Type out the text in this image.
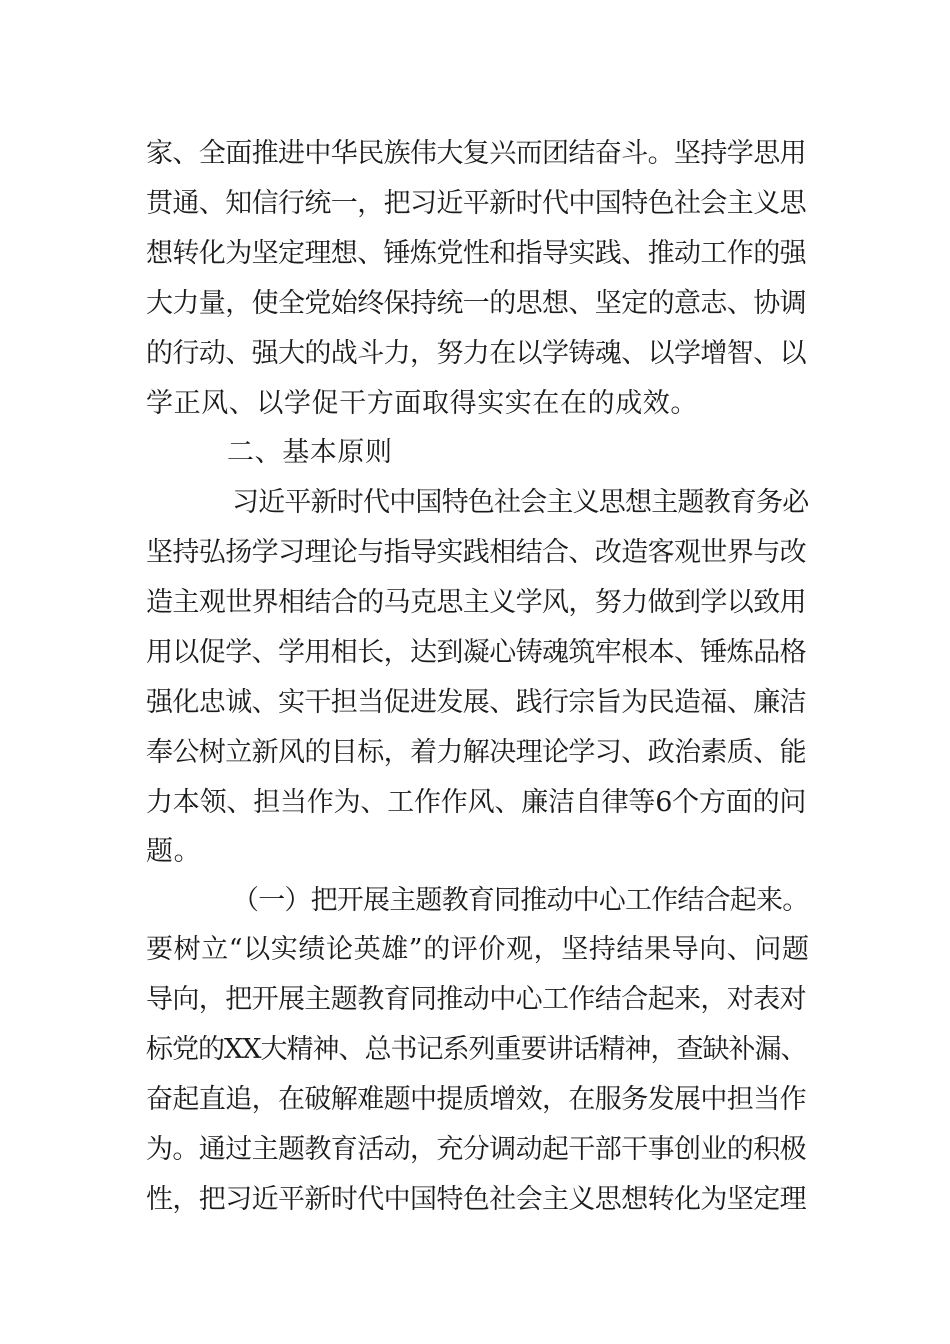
家、全面推进中华民族伟大复兴而团结奋斗。坚持学思用
贯通、知信行统一，把习近平新时代中国特色社会主义思
想转化为坚定理想、锤炼党性和指导实践、推动工作的强
大力量，使全党始终保持统一的思想、坚定的意志、协调
的行动、强大的战斗力，努力在以学铸魂、以学增智、以
学正风、以学促干方面取得实实在在的成效。
二、基本原则
习近平新时代中国特色社会主义思想主题教育务必
坚持弘扬学习理论与指导实践相结合、改造客观世界与改
造主观世界相结合的马克思主义学风，努力做到学以致用
用以促学、学用相长，达到凝心铸魂筑牢根本、锤炼品格
强化忠诚、实干担当促进发展、践行宗旨为民造福、廉洁
奉公树立新风的目标，着力解决理论学习、政治素质、能
力本领、担当作为、工作作风、廉洁自律等6个方面的问
题。
（一）把开展主题教育同推动中心工作结合起来。
要树立“以实绩论英雄”的评价观，坚持结果导向、问题
导向，把开展主题教育同推动中心工作结合起来，对表对
标党的XX大精神、总书记系列重要讲话精神，查缺补漏、
奋起直追，在破解难题中提质增效，在服务发展中担当作
为。通过主题教育活动，充分调动起干部干事创业的积极
性，把习近平新时代中国特色社会主义思想转化为坚定理
